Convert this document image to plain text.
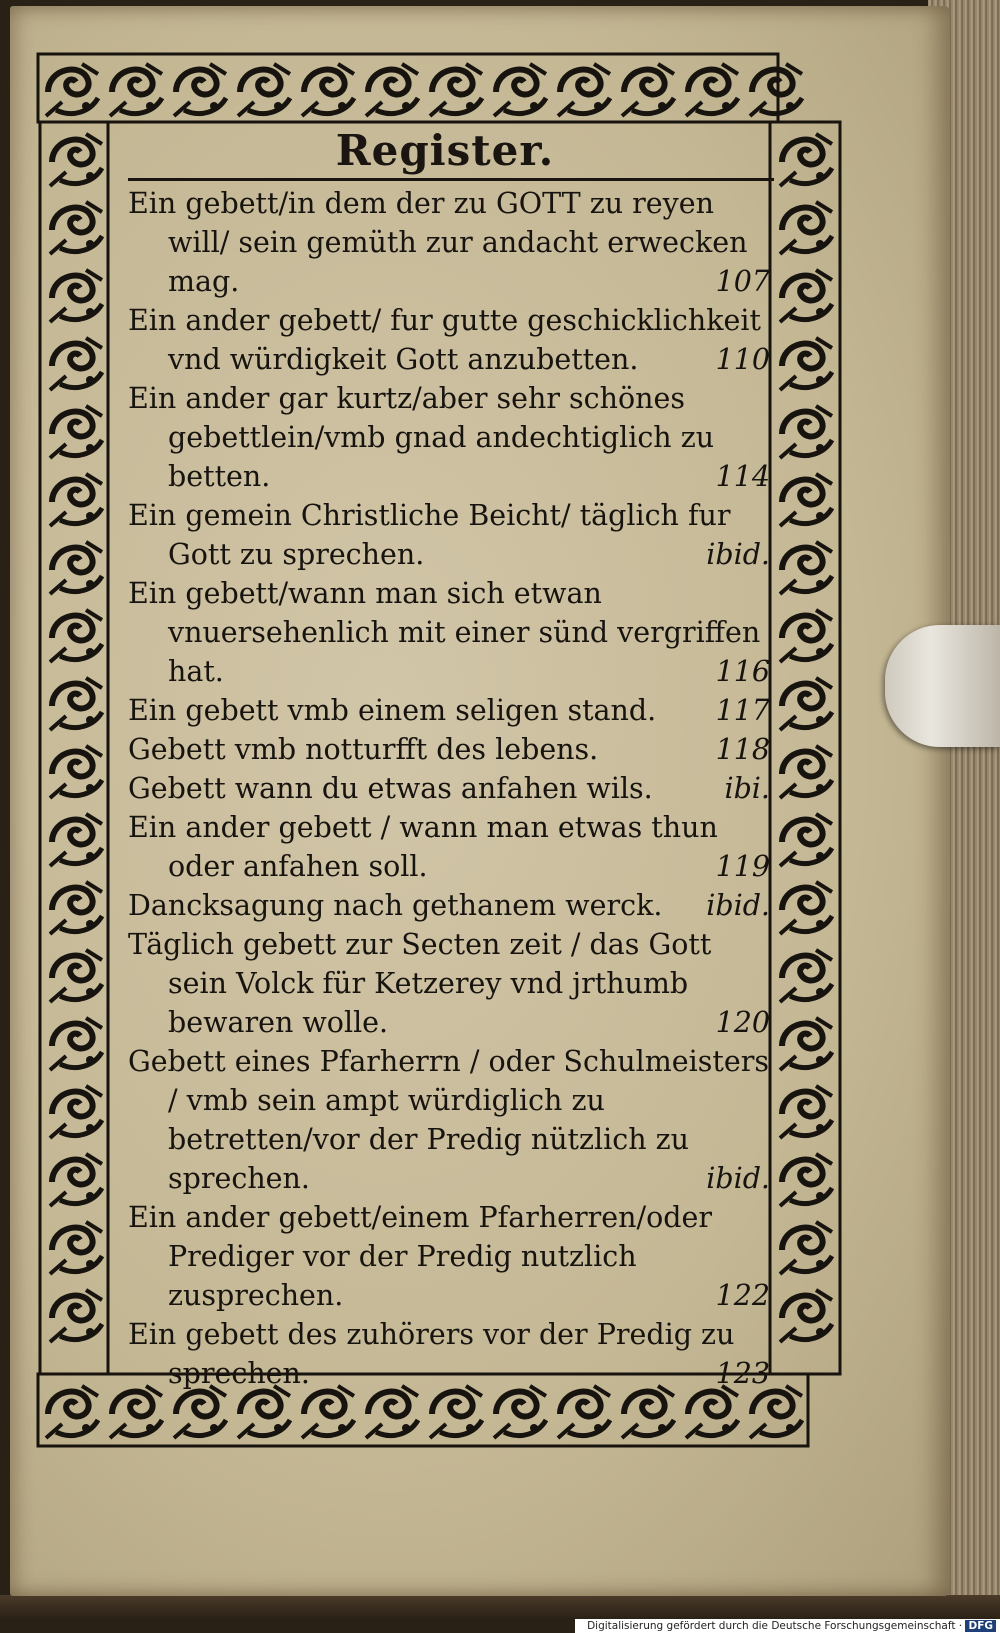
Register.
Ein gebett/in dem der zu GOTT zu reyen will/ sein gemüth zur andacht erwecken mag.	107
Ein ander gebett/ fur gutte geschicklichkeit vnd würdigkeit Gott anzubetten.	110
Ein ander gar kurtz/aber sehr schönes gebettlein/vmb gnad andechtiglich zu betten.	114
Ein gemein Christliche Beicht/ täglich fur Gott zu sprechen.	ibid.
Ein gebett/wann man sich etwan vnuersehenlich mit einer sünd vergriffen hat.	116
Ein gebett vmb einem seligen stand.	117
Gebett vmb notturfft des lebens.	118
Gebett wann du etwas anfahen wils.	ibi.
Ein ander gebett / wann man etwas thun oder anfahen soll.	119
Dancksagung nach gethanem werck.	ibid.
Täglich gebett zur Secten zeit / das Gott sein Volck für Ketzerey vnd jrthumb bewaren wolle.	120
Gebett eines Pfarherrn / oder Schulmeisters / vmb sein ampt würdiglich zu betretten/vor der Predig nützlich zu sprechen.	ibid.
Ein ander gebett/einem Pfarherren/oder Prediger vor der Predig nutzlich zusprechen.	122
Ein gebett des zuhörers vor der Predig zu sprechen.	123
Digitalisierung gefördert durch die Deutsche Forschungsgemeinschaft · DFG
